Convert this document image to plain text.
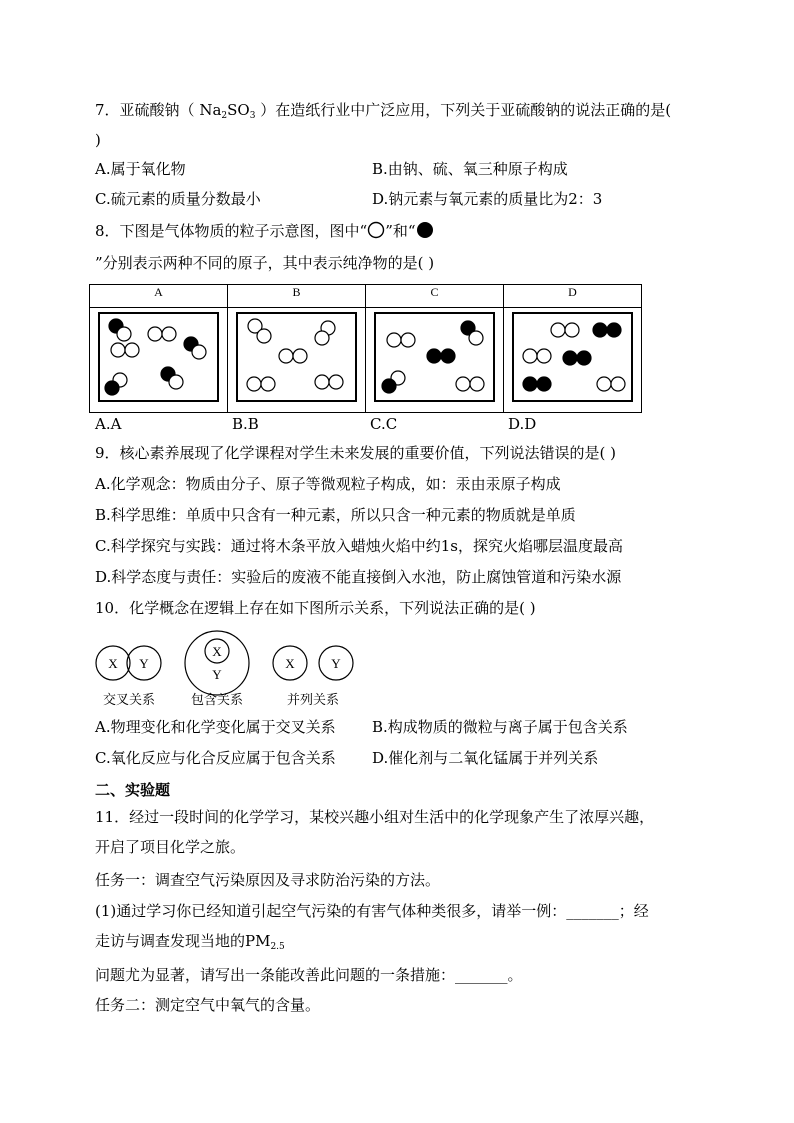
7．亚硫酸钠（ $Na_2SO_3$ ）在造纸行业中广泛应用，下列关于亚硫酸钠的说法正确的是(
)
A.属于氧化物	B.由钠、硫、氧三种原子构成
C.硫元素的质量分数最小	D.钠元素与氧元素的质量比为2：3
8．下图是气体物质的粒子示意图，图中“ ”和“
”分别表示两种不同的原子，其中表示纯净物的是( )
A	B	C	D

A.A	B.B	C.C	D.D
9．核心素养展现了化学课程对学生未来发展的重要价值，下列说法错误的是( )
A.化学观念：物质由分子、原子等微观粒子构成，如：汞由汞原子构成
B.科学思维：单质中只含有一种元素，所以只含一种元素的物质就是单质
C.科学探究与实践：通过将木条平放入蜡烛火焰中约1s，探究火焰哪层温度最高
D.科学态度与责任：实验后的废液不能直接倒入水池，防止腐蚀管道和污染水源
10．化学概念在逻辑上存在如下图所示关系，下列说法正确的是( )
X Y
X
Y
X	Y
交叉关系	包含关系	并列关系
A.物理变化和化学变化属于交叉关系 B.构成物质的微粒与离子属于包含关系
C.氧化反应与化合反应属于包含关系 D.催化剂与二氧化锰属于并列关系
二、实验题
11．经过一段时间的化学学习，某校兴趣小组对生活中的化学现象产生了浓厚兴趣，
开启了项目化学之旅。
任务一：调查空气污染原因及寻求防治污染的方法。
(1)通过学习你已经知道引起空气污染的有害气体种类很多，请举一例：_______；经
走访与调查发现当地的$PM_{2.5}$
问题尤为显著，请写出一条能改善此问题的一条措施：_______。
任务二：测定空气中氧气的含量。
